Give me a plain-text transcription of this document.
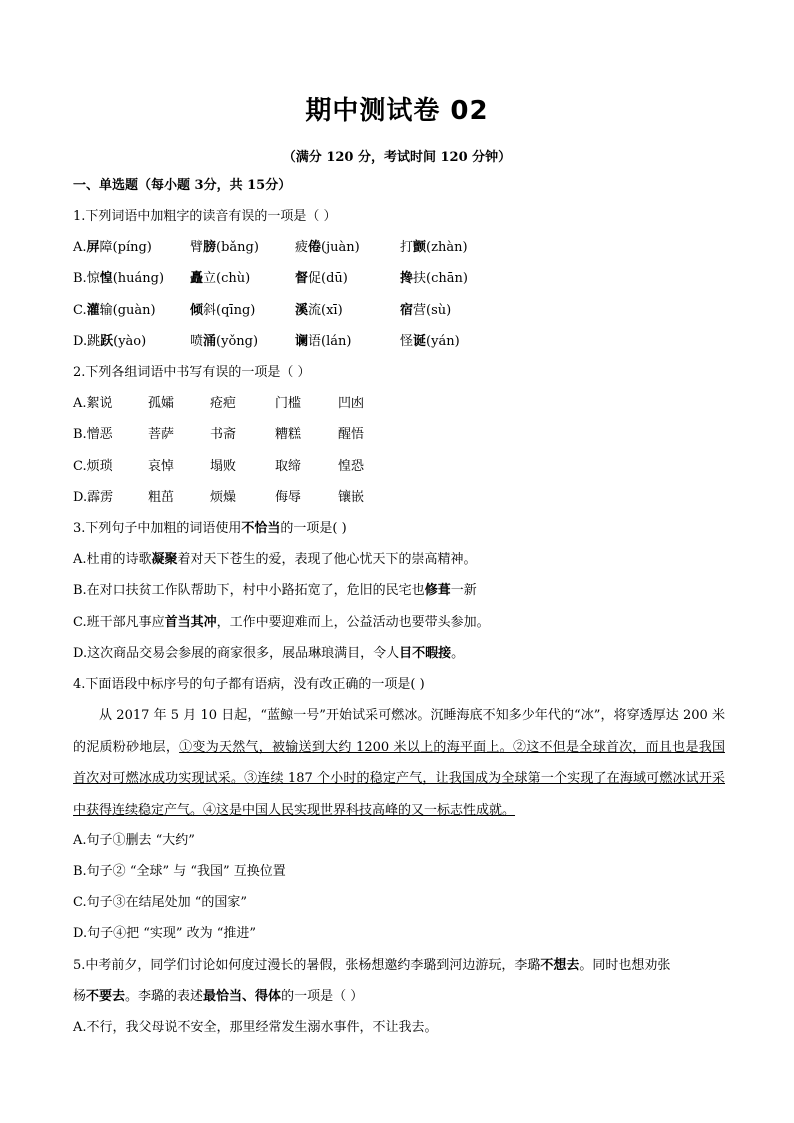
期中测试卷 02
（满分 120 分，考试时间 120 分钟）
一、单选题（每小题 3分，共 15分）
1.下列词语中加粗字的读音有误的一项是（ ）
A.屏障(píng)	臂膀(bǎng)	疲倦(juàn)	打颤(zhàn)
B.惊惶(huáng) 矗立(chù)	督促(dū)	搀扶(chān)
C.灌输(guàn)	倾斜(qīng)	溪流(xī)	宿营(sù)
D.跳跃(yào)	喷涌(yǒng)	谰语(lán)	怪诞(yán)
2.下列各组词语中书写有误的一项是（ ）
A.絮说	孤孀	疮疤	门槛	凹凼
B.憎恶	菩萨	书斋	糟糕	醒悟
C.烦琐	哀悼	塌败	取缔	惶恐
D.霹雳	粗茁	烦燥	侮辱	镶嵌
3.下列句子中加粗的词语使用不恰当的一项是( )
A.杜甫的诗歌凝聚着对天下苍生的爱，表现了他心忧天下的崇高精神。
B.在对口扶贫工作队帮助下，村中小路拓宽了，危旧的民宅也修葺一新
C.班干部凡事应首当其冲，工作中要迎难而上，公益活动也要带头参加。
D.这次商品交易会参展的商家很多，展品琳琅满目，令人目不暇接。
4.下面语段中标序号的句子都有语病，没有改正确的一项是( )
从 2017 年 5 月 10 日起，“蓝鲸一号”开始试采可燃冰。沉睡海底不知多少年代的“冰”，将穿透厚达 200 米的泥质粉砂地层，①变为天然气，被输送到大约 1200 米以上的海平面上。②这不但是全球首次，而且也是我国首次对可燃冰成功实现试采。③连续 187 个小时的稳定产气，让我国成为全球第一个实现了在海域可燃冰试开采中获得连续稳定产气。④这是中国人民实现世界科技高峰的又一标志性成就。
A.句子①删去 “大约”
B.句子② “全球” 与 “我国” 互换位置
C.句子③在结尾处加 “的国家”
D.句子④把 “实现” 改为 “推进”
5.中考前夕，同学们讨论如何度过漫长的暑假，张杨想邀约李璐到河边游玩，李璐不想去。同时也想劝张
杨不要去。李璐的表述最恰当、得体的一项是（ ）
A.不行，我父母说不安全，那里经常发生溺水事件，不让我去。
